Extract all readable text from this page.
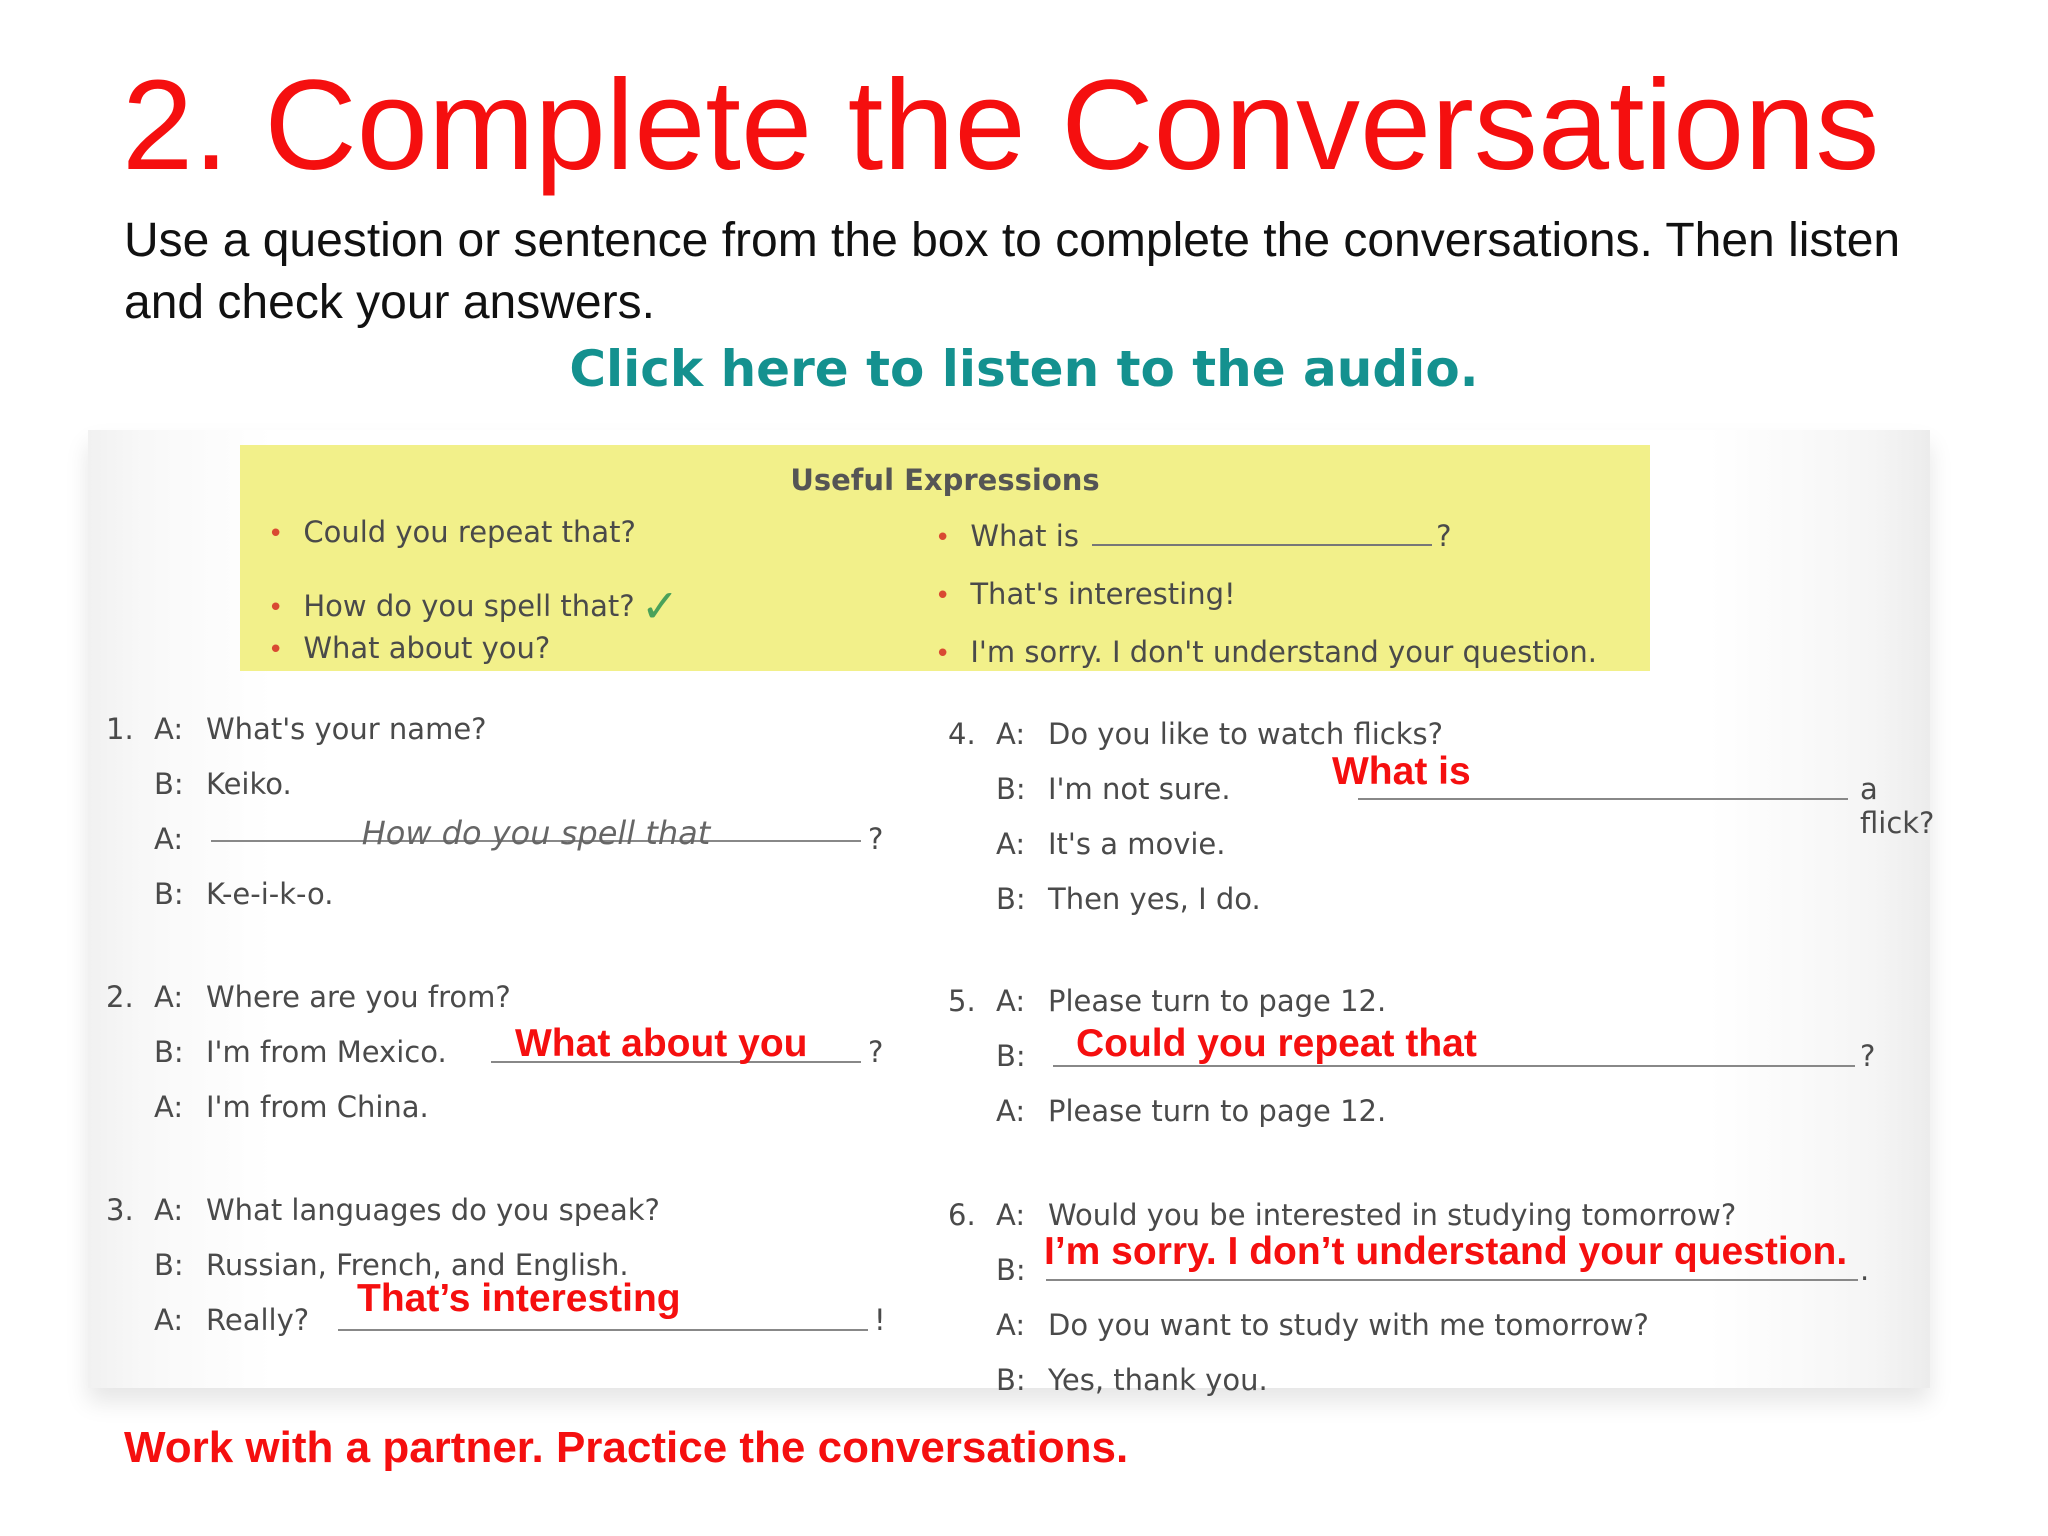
2. Complete the Conversations

Use a question or sentence from the box to complete the conversations. Then listen and check your answers.

Click here to listen to the audio.
Useful Expressions
• Could you repeat that?
• How do you spell that? ✓
• What about you?
• What is	?
• That's interesting!
• I'm sorry. I don't understand your question.
1. A: What's your name?
B: Keiko.
A:	How do you spell that	?
B: K-e-i-k-o.
2. A: Where are you from?
B: I'm from Mexico.	?
A: I'm from China.
3. A: What languages do you speak?
B: Russian, French, and English.
A: Really?	!
4. A: Do you like to watch flicks?
B: I'm not sure.	a flick?
A: It's a movie.
B: Then yes, I do.
5. A: Please turn to page 12.
B:	?
A: Please turn to page 12.
6. A: Would you be interested in studying tomorrow?
B:	.
A: Do you want to study with me tomorrow?
B: Yes, thank you.
What is
What about you	Could you repeat that
I’m sorry. I don’t understand your question.
That’s interesting

Work with a partner. Practice the conversations.
